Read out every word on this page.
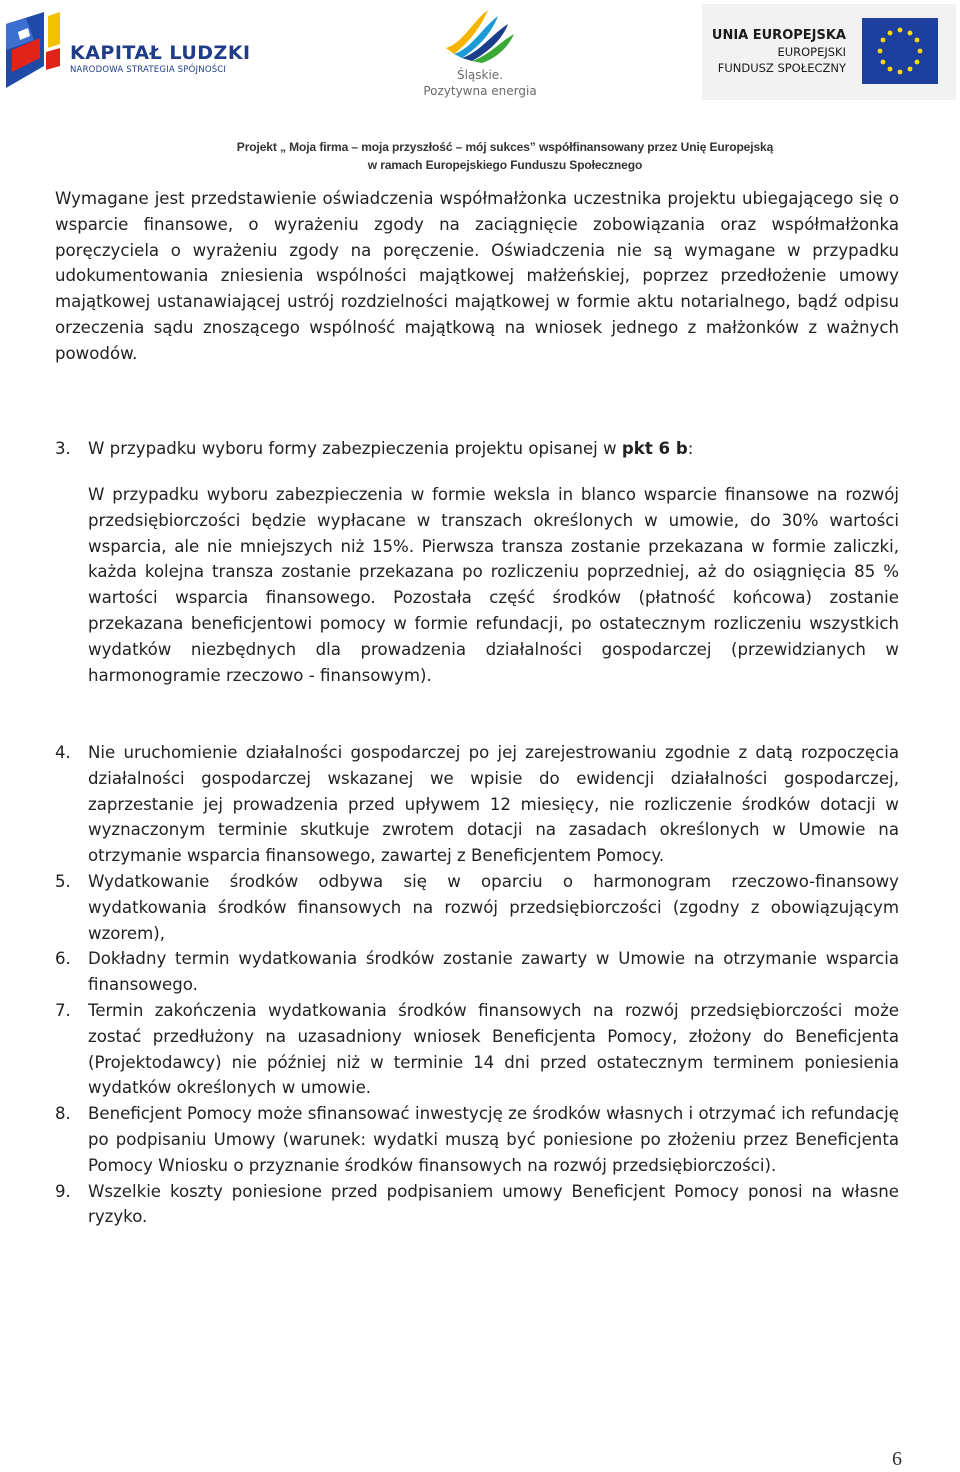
KAPITAŁ LUDZKI
NARODOWA STRATEGIA SPÓJNOŚCI	Śląskie.
Pozytywna energia
UNIA EUROPEJSKA
EUROPEJSKI
FUNDUSZ SPOŁECZNY
Projekt „ Moja firma – moja przyszłość – mój sukces” współfinansowany przez Unię Europejską
w ramach Europejskiego Funduszu Społecznego

Wymagane jest przedstawienie oświadczenia współmałżonka uczestnika projektu ubiegającego się o wsparcie finansowe, o wyrażeniu zgody na zaciągnięcie zobowiązania oraz współmałżonka poręczyciela o wyrażeniu zgody na poręczenie. Oświadczenia nie są wymagane w przypadku udokumentowania zniesienia wspólności majątkowej małżeńskiej, poprzez przedłożenie umowy majątkowej ustanawiającej ustrój rozdzielności majątkowej w formie aktu notarialnego, bądź odpisu orzeczenia sądu znoszącego wspólność majątkową na wniosek jednego z małżonków z ważnych powodów.

3. W przypadku wyboru formy zabezpieczenia projektu opisanej w pkt 6 b:

W przypadku wyboru zabezpieczenia w formie weksla in blanco wsparcie finansowe na rozwój przedsiębiorczości będzie wypłacane w transzach określonych w umowie, do 30% wartości wsparcia, ale nie mniejszych niż 15%. Pierwsza transza zostanie przekazana w formie zaliczki, każda kolejna transza zostanie przekazana po rozliczeniu poprzedniej, aż do osiągnięcia 85 % wartości wsparcia finansowego. Pozostała część środków (płatność końcowa) zostanie przekazana beneficjentowi pomocy w formie refundacji, po ostatecznym rozliczeniu wszystkich wydatków niezbędnych dla prowadzenia działalności gospodarczej (przewidzianych w harmonogramie rzeczowo - finansowym).

4. Nie uruchomienie działalności gospodarczej po jej zarejestrowaniu zgodnie z datą rozpoczęcia działalności gospodarczej wskazanej we wpisie do ewidencji działalności gospodarczej, zaprzestanie jej prowadzenia przed upływem 12 miesięcy, nie rozliczenie środków dotacji w wyznaczonym terminie skutkuje zwrotem dotacji na zasadach określonych w Umowie na otrzymanie wsparcia finansowego, zawartej z Beneficjentem Pomocy.
5. Wydatkowanie środków odbywa się w oparciu o harmonogram rzeczowo-finansowy wydatkowania środków finansowych na rozwój przedsiębiorczości (zgodny z obowiązującym wzorem),
6. Dokładny termin wydatkowania środków zostanie zawarty w Umowie na otrzymanie wsparcia finansowego.
7. Termin zakończenia wydatkowania środków finansowych na rozwój przedsiębiorczości może zostać przedłużony na uzasadniony wniosek Beneficjenta Pomocy, złożony do Beneficjenta (Projektodawcy) nie później niż w terminie 14 dni przed ostatecznym terminem poniesienia wydatków określonych w umowie.
8. Beneficjent Pomocy może sfinansować inwestycję ze środków własnych i otrzymać ich refundację po podpisaniu Umowy (warunek: wydatki muszą być poniesione po złożeniu przez Beneficjenta Pomocy Wniosku o przyznanie środków finansowych na rozwój przedsiębiorczości).
9. Wszelkie koszty poniesione przed podpisaniem umowy Beneficjent Pomocy ponosi na własne ryzyko.
6
